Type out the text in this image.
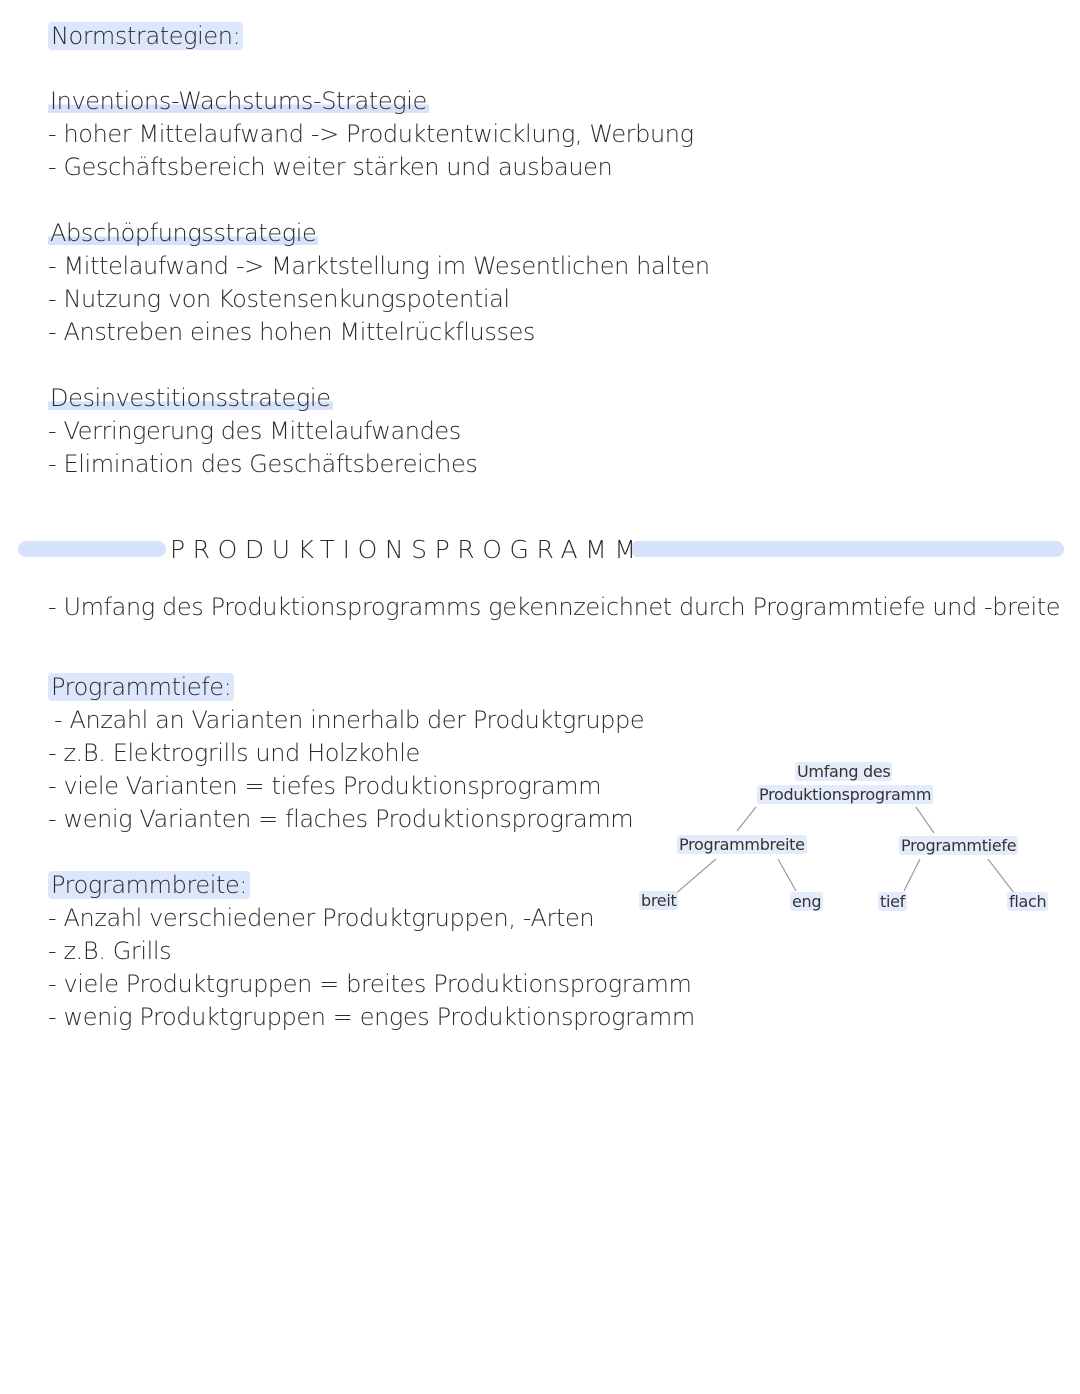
Normstrategien:
Inventions-Wachstums-Strategie
- hoher Mittelaufwand -> Produktentwicklung, Werbung
- Geschäftsbereich weiter stärken und ausbauen
Abschöpfungsstrategie
- Mittelaufwand -> Marktstellung im Wesentlichen halten
- Nutzung von Kostensenkungspotential
- Anstreben eines hohen Mittelrückflusses
Desinvestitionsstrategie
- Verringerung des Mittelaufwandes
- Elimination des Geschäftsbereiches
PRODUKTIONSPROGRAMM
- Umfang des Produktionsprogramms gekennzeichnet durch Programmtiefe und -breite
Programmtiefe:
- Anzahl an Varianten innerhalb der Produktgruppe
- z.B. Elektrogrills und Holzkohle
- viele Varianten = tiefes Produktionsprogramm
- wenig Varianten = flaches Produktionsprogramm
Programmbreite:
- Anzahl verschiedener Produktgruppen, -Arten
- z.B. Grills
- viele Produktgruppen = breites Produktionsprogramm
- wenig Produktgruppen = enges Produktionsprogramm
Umfang des
Produktionsprogramm
Programmbreite	Programmtiefe
breit	eng	tief	flach
